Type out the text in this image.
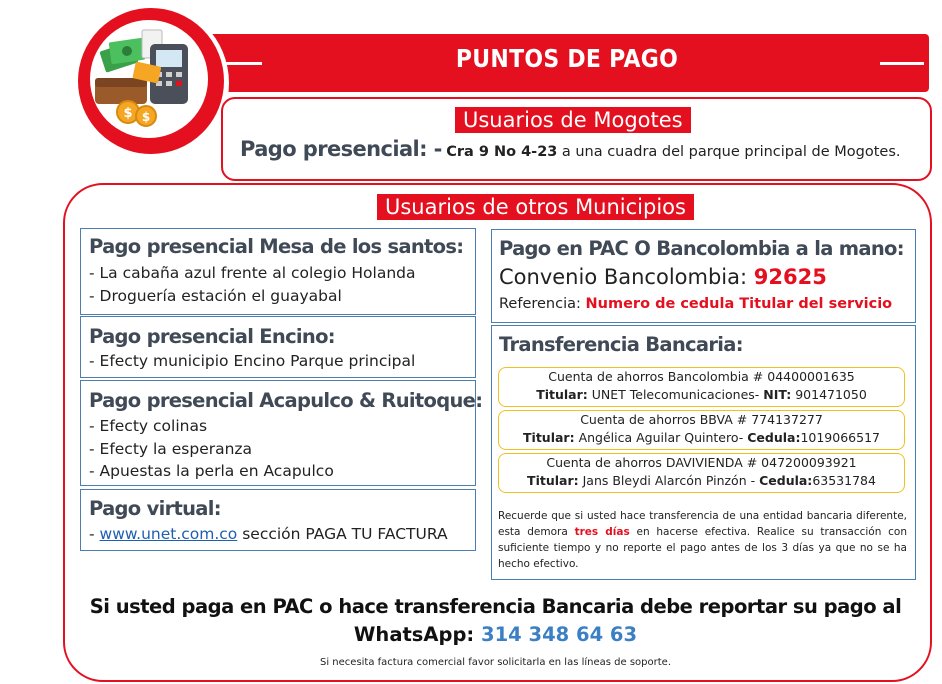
PUNTOS DE PAGO
$ $	Usuarios de Mogotes
Pago presencial: - Cra 9 No 4-23 a una cuadra del parque principal de Mogotes.
Usuarios de otros Municipios
Pago presencial Mesa de los santos:
- La cabaña azul frente al colegio Holanda
- Droguería estación el guayabal
Pago presencial Encino:
- Efecty municipio Encino Parque principal
Pago presencial Acapulco & Ruitoque:
- Efecty colinas
- Efecty la esperanza
- Apuestas la perla en Acapulco
Pago virtual:
- www.unet.com.co sección PAGA TU FACTURA
Pago en PAC O Bancolombia a la mano:
Convenio Bancolombia: 92625
Referencia: Numero de cedula Titular del servicio
Transferencia Bancaria:
Cuenta de ahorros Bancolombia # 04400001635
Titular: UNET Telecomunicaciones- NIT: 901471050
Cuenta de ahorros BBVA # 774137277
Titular: Angélica Aguilar Quintero- Cedula:1019066517
Cuenta de ahorros DAVIVIENDA # 047200093921
Titular: Jans Bleydi Alarcón Pinzón - Cedula:63531784
Recuerde que si usted hace transferencia de una entidad bancaria diferente, esta demora tres días en hacerse efectiva. Realice su transacción con suficiente tiempo y no reporte el pago antes de los 3 días ya que no se ha hecho efectivo.
Si usted paga en PAC o hace transferencia Bancaria debe reportar su pago al
WhatsApp: 314 348 64 63
Si necesita factura comercial favor solicitarla en las líneas de soporte.
